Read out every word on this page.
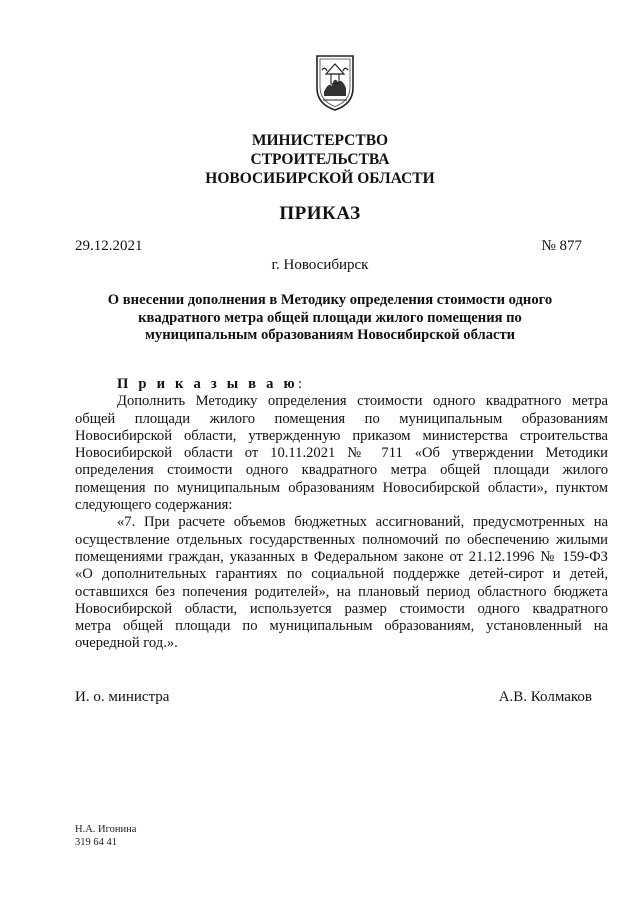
МИНИСТЕРСТВО
СТРОИТЕЛЬСТВА
НОВОСИБИРСКОЙ ОБЛАСТИ
ПРИКАЗ
29.12.2021	№ 877
г. Новосибирск
О внесении дополнения в Методику определения стоимости одного
квадратного метра общей площади жилого помещения по
муниципальным образованиям Новосибирской области
П р и к а з ы в а ю:
Дополнить Методику определения стоимости одного квадратного метра
общей площади жилого помещения по муниципальным образованиям
Новосибирской области, утвержденную приказом министерства строительства
Новосибирской области от 10.11.2021 № 711 «Об утверждении Методики
определения стоимости одного квадратного метра общей площади жилого
помещения по муниципальным образованиям Новосибирской области», пунктом
следующего содержания:
«7. При расчете объемов бюджетных ассигнований, предусмотренных на
осуществление отдельных государственных полномочий по обеспечению жилыми
помещениями граждан, указанных в Федеральном законе от 21.12.1996 № 159-ФЗ
«О дополнительных гарантиях по социальной поддержке детей-сирот и детей,
оставшихся без попечения родителей», на плановый период областного бюджета
Новосибирской области, используется размер стоимости одного квадратного
метра общей площади по муниципальным образованиям, установленный на
очередной год.».
И. о. министра	А.В. Колмаков
Н.А. Игонина
319 64 41
